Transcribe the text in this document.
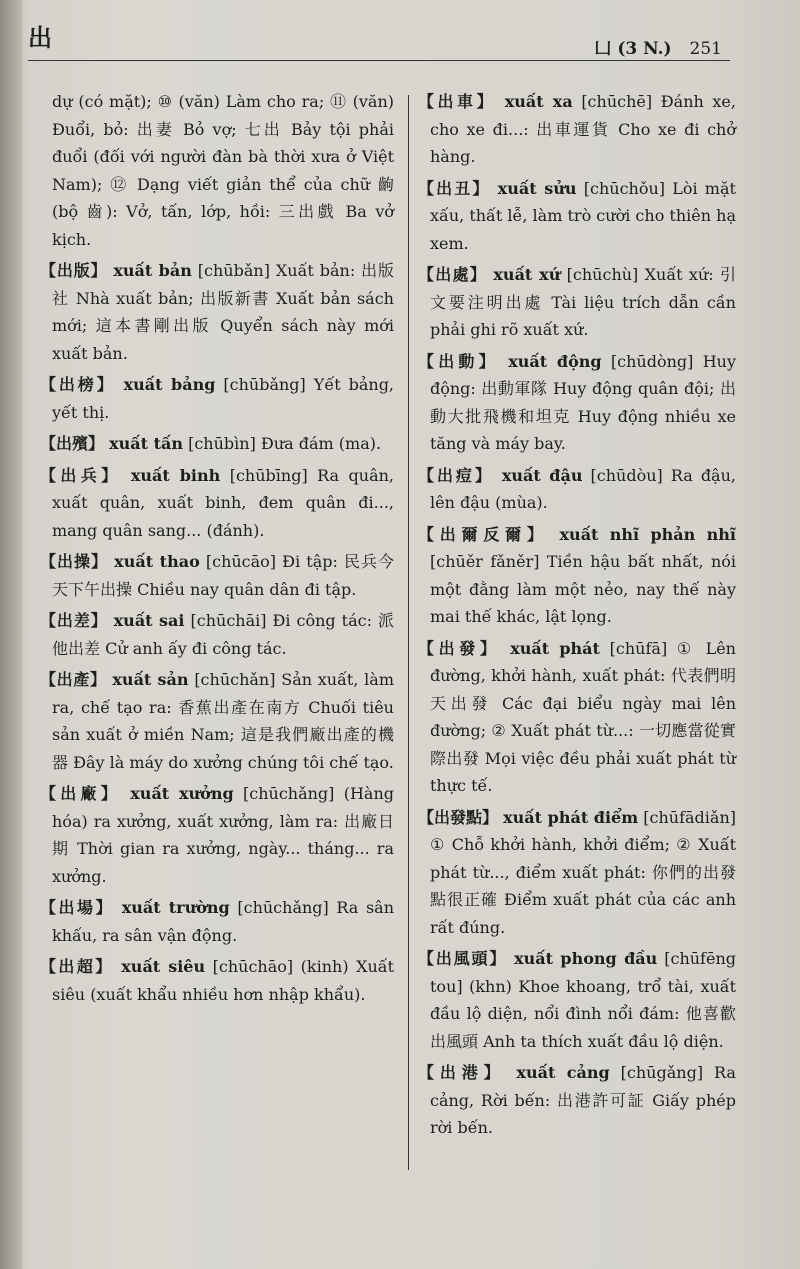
出	凵 (3 N.) 251

dự (có mặt); ⑩ (văn) Làm cho ra; ⑪ (văn) Đuổi, bỏ: 出妻 Bỏ vợ; 七出 Bảy tội phải đuổi (đối với người đàn bà thời xưa ở Việt Nam); ⑫ Dạng viết giản thể của chữ 齣 (bộ 齒): Vở, tấn, lớp, hồi: 三出戲 Ba vở kịch.

【出版】 xuất bản [chūbǎn] Xuất bản: 出版社 Nhà xuất bản; 出版新書 Xuất bản sách mới; 這本書剛出版 Quyển sách này mới xuất bản.

【出榜】 xuất bảng [chūbǎng] Yết bảng, yết thị.

【出殯】 xuất tấn [chūbìn] Đưa đám (ma).

【出兵】 xuất binh [chūbīng] Ra quân, xuất quân, xuất binh, đem quân đi..., mang quân sang... (đánh).

【出操】 xuất thao [chūcāo] Đi tập: 民兵今天下午出操 Chiều nay quân dân đi tập.

【出差】 xuất sai [chūchāi] Đi công tác: 派他出差 Cử anh ấy đi công tác.

【出產】 xuất sản [chūchǎn] Sản xuất, làm ra, chế tạo ra: 香蕉出產在南方 Chuối tiêu sản xuất ở miền Nam; 這是我們廠出產的機器 Đây là máy do xưởng chúng tôi chế tạo.

【出廠】 xuất xưởng [chūchǎng] (Hàng hóa) ra xưởng, xuất xưởng, làm ra: 出廠日期 Thời gian ra xưởng, ngày... tháng... ra xưởng.

【出場】 xuất trường [chūchǎng] Ra sân khấu, ra sân vận động.

【出超】 xuất siêu [chūchāo] (kinh) Xuất siêu (xuất khẩu nhiều hơn nhập khẩu).

【出車】 xuất xa [chūchē] Đánh xe, cho xe đi...: 出車運貨 Cho xe đi chở hàng.

【出丑】 xuất sửu [chūchǒu] Lòi mặt xấu, thất lễ, làm trò cười cho thiên hạ xem.

【出處】 xuất xứ [chūchù] Xuất xứ: 引文要注明出處 Tài liệu trích dẫn cần phải ghi rõ xuất xứ.

【出動】 xuất động [chūdòng] Huy động: 出動軍隊 Huy động quân đội; 出動大批飛機和坦克 Huy động nhiều xe tăng và máy bay.

【出痘】 xuất đậu [chūdòu] Ra đậu, lên đậu (mùa).

【出爾反爾】 xuất nhĩ phản nhĩ [chūěr fǎněr] Tiền hậu bất nhất, nói một đằng làm một nẻo, nay thế này mai thế khác, lật lọng.

【出發】 xuất phát [chūfā] ① Lên đường, khởi hành, xuất phát: 代表們明天出發 Các đại biểu ngày mai lên đường; ② Xuất phát từ...: 一切應當從實際出發 Mọi việc đều phải xuất phát từ thực tế.

【出發點】 xuất phát điểm [chūfādiǎn] ① Chỗ khởi hành, khởi điểm; ② Xuất phát từ..., điểm xuất phát: 你們的出發點很正確 Điểm xuất phát của các anh rất đúng.

【出風頭】 xuất phong đầu [chūfēng tou] (khn) Khoe khoang, trổ tài, xuất đầu lộ diện, nổi đình nổi đám: 他喜歡出風頭 Anh ta thích xuất đầu lộ diện.

【出港】 xuất cảng [chūgǎng] Ra cảng, Rời bến: 出港許可証 Giấy phép rời bến.
